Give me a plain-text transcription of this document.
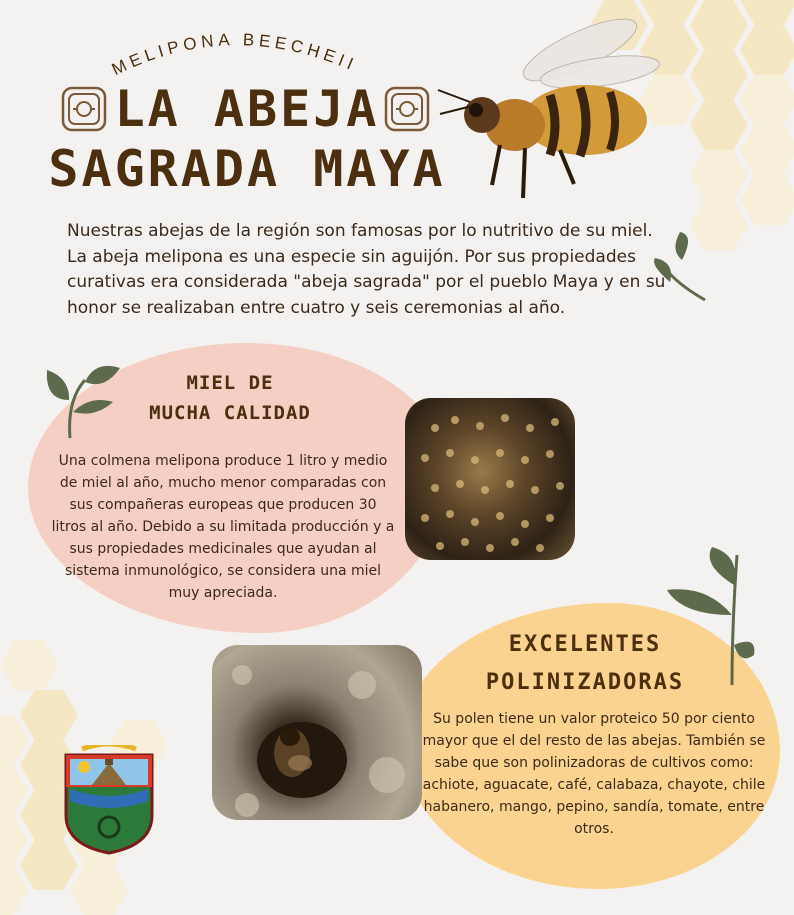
MELIPONA BEECHEII
LA ABEJA
SAGRADA MAYA
Nuestras abejas de la región son famosas por lo nutritivo de su miel. La abeja melipona es una especie sin aguijón. Por sus propiedades curativas era considerada "abeja sagrada" por el pueblo Maya y en su honor se realizaban entre cuatro y seis ceremonias al año.
MIEL DE
MUCHA CALIDAD
Una colmena melipona produce 1 litro y medio de miel al año, mucho menor comparadas con sus compañeras europeas que producen 30 litros al año. Debido a su limitada producción y a sus propiedades medicinales que ayudan al sistema inmunológico, se considera una miel muy apreciada.
EXCELENTES
POLINIZADORAS
Su polen tiene un valor proteico 50 por ciento mayor que el del resto de las abejas. También se sabe que son polinizadoras de cultivos como: achiote, aguacate, café, calabaza, chayote, chile habanero, mango, pepino, sandía, tomate, entre otros.
